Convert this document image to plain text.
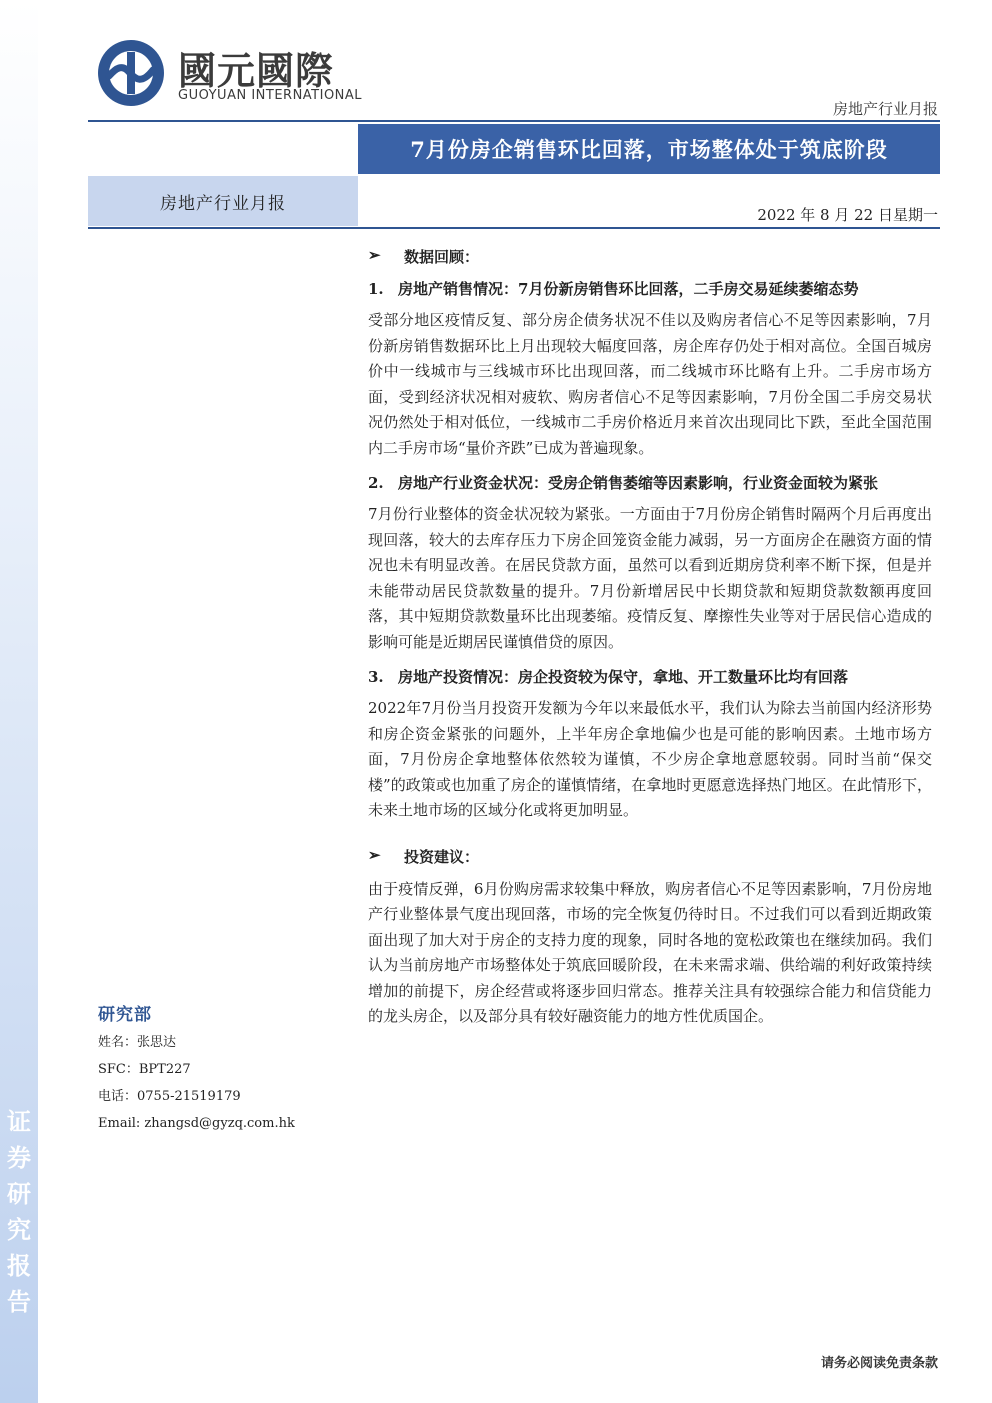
证券研究报告
國元國際
GUOYUAN INTERNATIONAL
房地产行业月报
7月份房企销售环比回落，市场整体处于筑底阶段
房地产行业月报
2022 年 8 月 22 日星期一
➢	数据回顾：
1. 房地产销售情况：7月份新房销售环比回落，二手房交易延续萎缩态势

受部分地区疫情反复、部分房企债务状况不佳以及购房者信心不足等因素影响，7月份新房销售数据环比上月出现较大幅度回落，房企库存仍处于相对高位。全国百城房价中一线城市与三线城市环比出现回落，而二线城市环比略有上升。二手房市场方面，受到经济状况相对疲软、购房者信心不足等因素影响，7月份全国二手房交易状况仍然处于相对低位，一线城市二手房价格近月来首次出现同比下跌，至此全国范围内二手房市场“量价齐跌”已成为普遍现象。

2. 房地产行业资金状况：受房企销售萎缩等因素影响，行业资金面较为紧张

7月份行业整体的资金状况较为紧张。一方面由于7月份房企销售时隔两个月后再度出现回落，较大的去库存压力下房企回笼资金能力减弱，另一方面房企在融资方面的情况也未有明显改善。在居民贷款方面，虽然可以看到近期房贷利率不断下探，但是并未能带动居民贷款数量的提升。7月份新增居民中长期贷款和短期贷款数额再度回落，其中短期贷款数量环比出现萎缩。疫情反复、摩擦性失业等对于居民信心造成的影响可能是近期居民谨慎借贷的原因。

3. 房地产投资情况：房企投资较为保守，拿地、开工数量环比均有回落

2022年7月份当月投资开发额为今年以来最低水平，我们认为除去当前国内经济形势和房企资金紧张的问题外，上半年房企拿地偏少也是可能的影响因素。土地市场方面，7月份房企拿地整体依然较为谨慎，不少房企拿地意愿较弱。同时当前“保交楼”的政策或也加重了房企的谨慎情绪，在拿地时更愿意选择热门地区。在此情形下，未来土地市场的区域分化或将更加明显。

➢	投资建议：

由于疫情反弹，6月份购房需求较集中释放，购房者信心不足等因素影响，7月份房地产行业整体景气度出现回落，市场的完全恢复仍待时日。不过我们可以看到近期政策面出现了加大对于房企的支持力度的现象，同时各地的宽松政策也在继续加码。我们认为当前房地产市场整体处于筑底回暖阶段，在未来需求端、供给端的利好政策持续增加的前提下，房企经营或将逐步回归常态。推荐关注具有较强综合能力和信贷能力的龙头房企，以及部分具有较好融资能力的地方性优质国企。

研究部
姓名：张思达
SFC：BPT227
电话：0755-21519179
Email: zhangsd@gyzq.com.hk
请务必阅读免责条款
